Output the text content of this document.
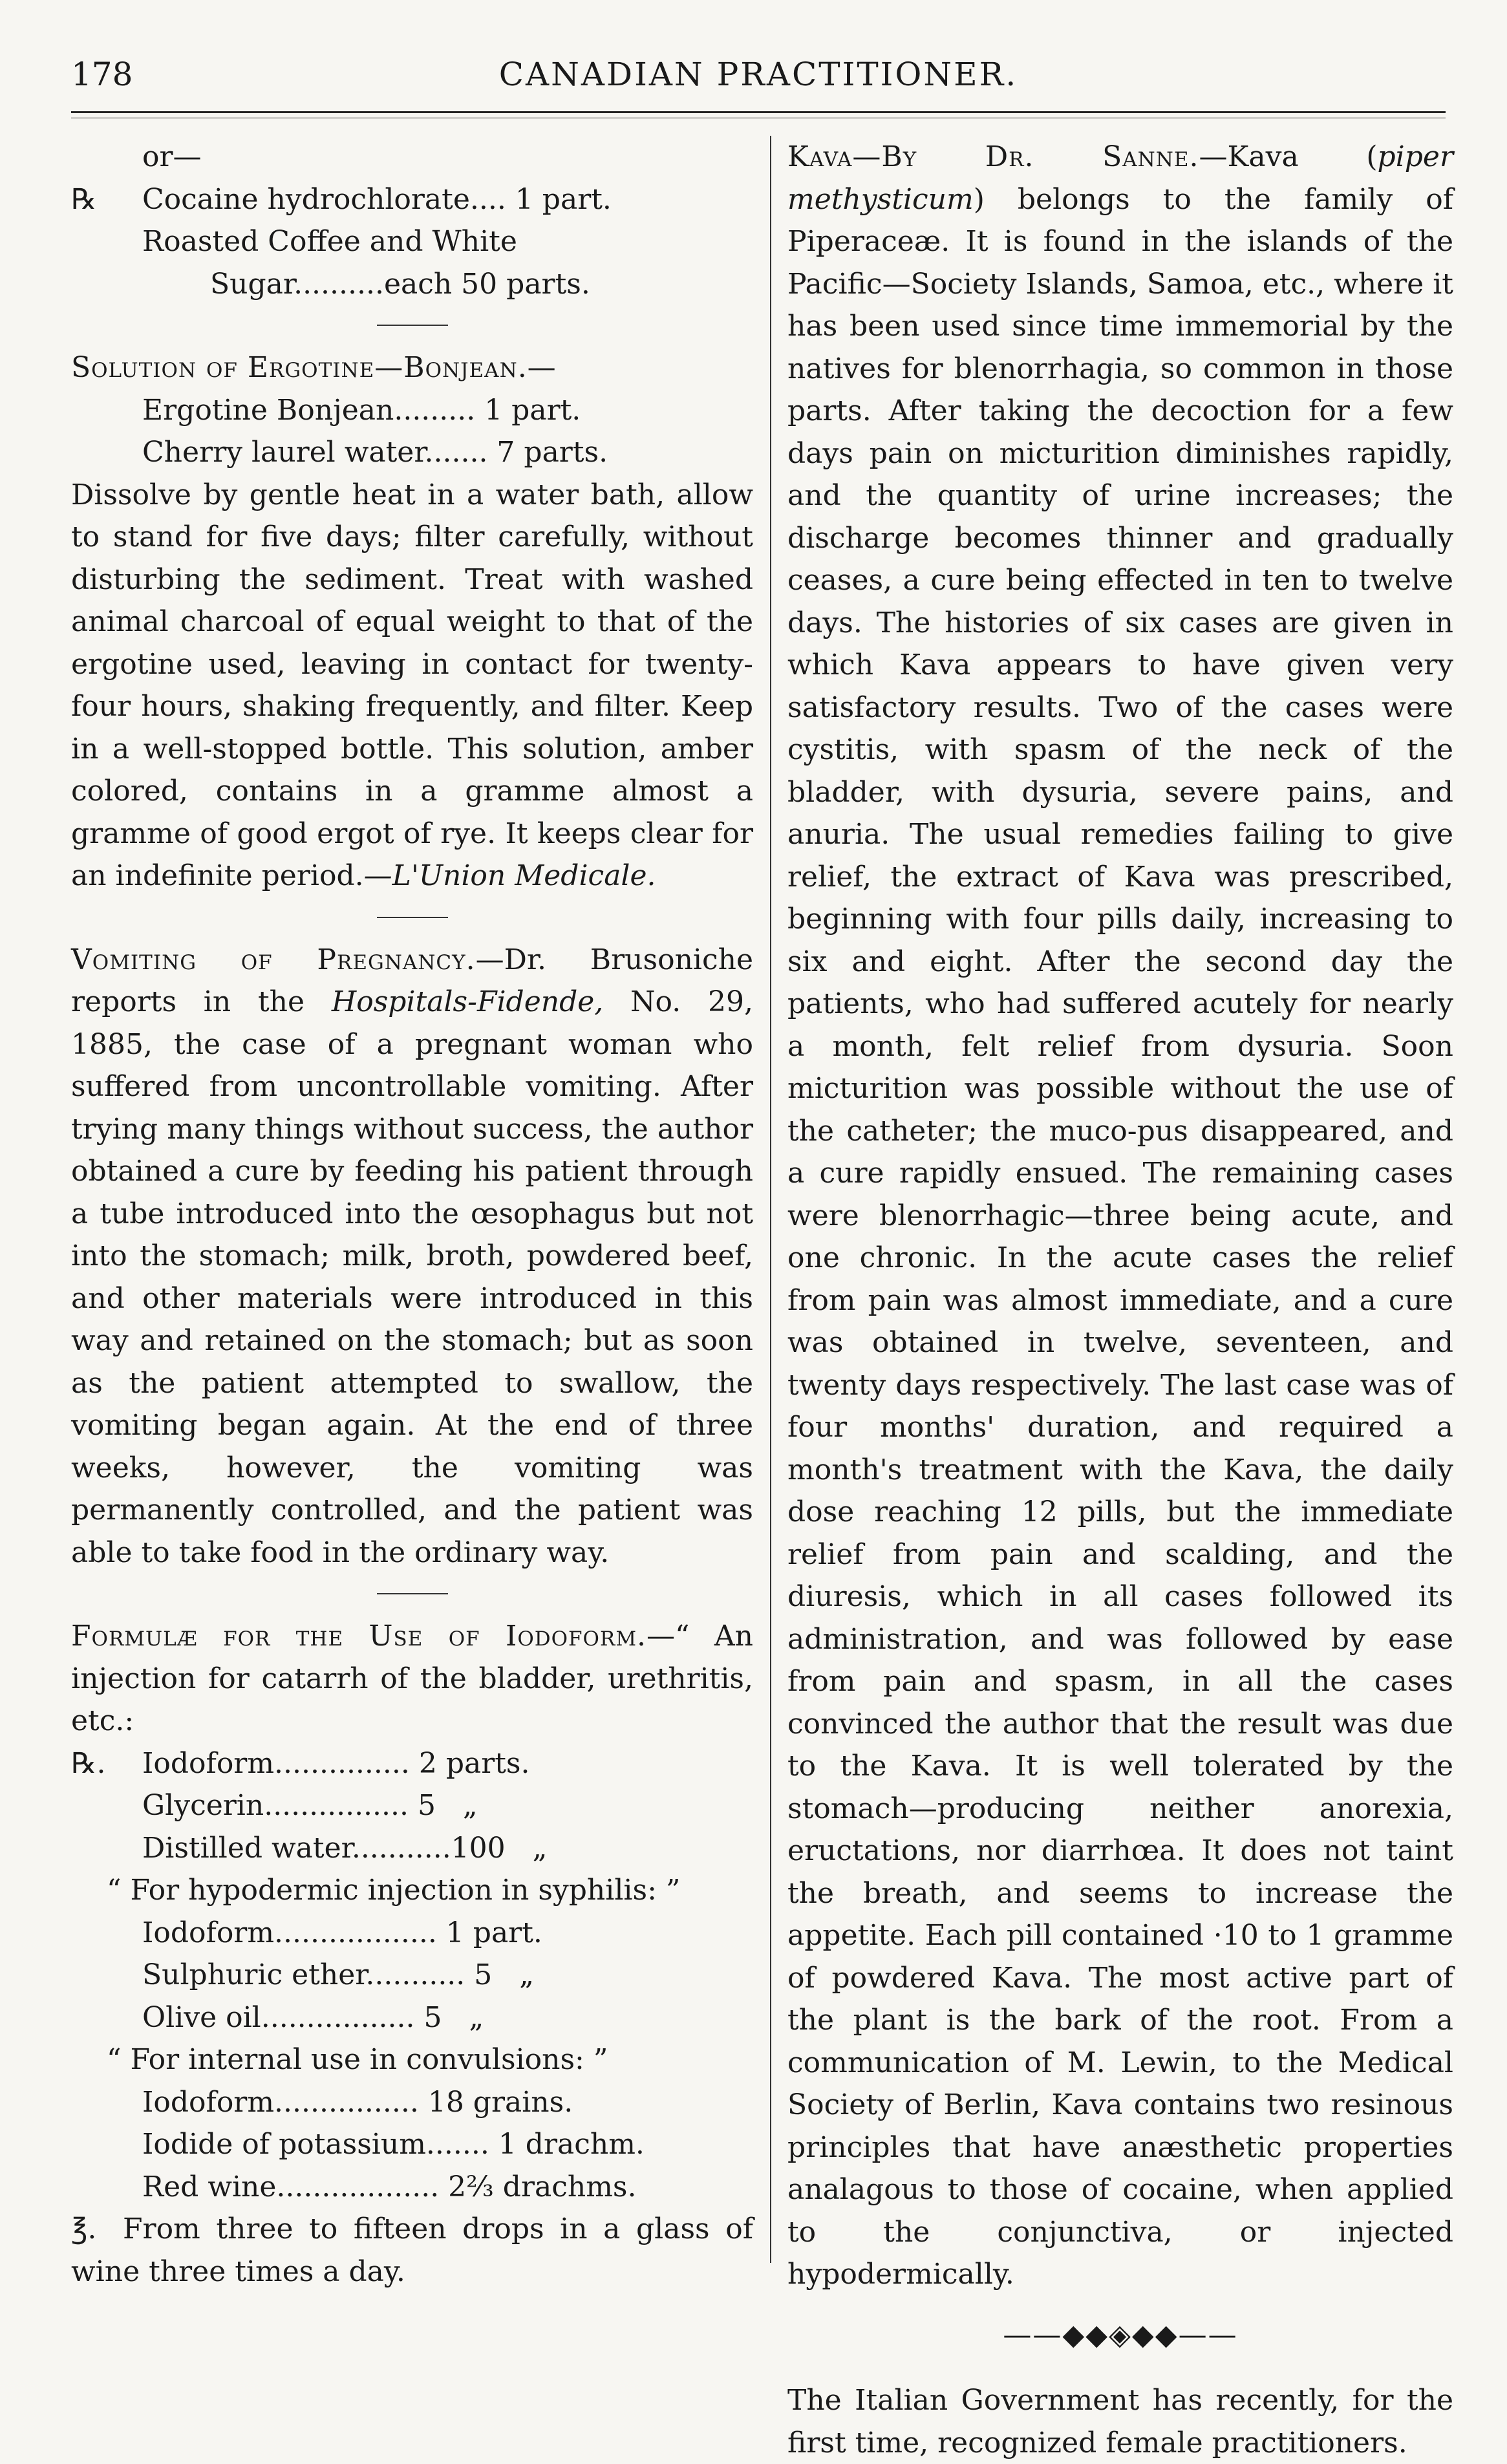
178	CANADIAN PRACTITIONER.
or—
℞ Cocaine hydrochlorate.... 1 part.
Roasted Coffee and White
Sugar..........each 50 parts.
Solution of Ergotine—Bonjean.—
Ergotine Bonjean......... 1 part.
Cherry laurel water....... 7 parts.

Dissolve by gentle heat in a water bath, allow to stand for five days; filter carefully, without disturbing the sediment. Treat with washed animal charcoal of equal weight to that of the ergotine used, leaving in contact for twenty-four hours, shaking frequently, and filter. Keep in a well-stopped bottle. This solution, amber colored, contains in a gramme almost a gramme of good ergot of rye. It keeps clear for an indefinite period.—L'Union Medicale.

Vomiting of Pregnancy.—Dr. Brusoniche reports in the Hospitals-Fidende, No. 29, 1885, the case of a pregnant woman who suffered from uncontrollable vomiting. After trying many things without success, the author obtained a cure by feeding his patient through a tube introduced into the œsophagus but not into the stomach; milk, broth, powdered beef, and other materials were introduced in this way and retained on the stomach; but as soon as the patient attempted to swallow, the vomiting began again. At the end of three weeks, however, the vomiting was permanently controlled, and the patient was able to take food in the ordinary way.

Formulæ for the Use of Iodoform.—“ An injection for catarrh of the bladder, urethritis, etc.:

℞. Iodoform............... 2 parts.
Glycerin................ 5   „
Distilled water...........100   „
“ For hypodermic injection in syphilis: ”
Iodoform.................. 1 part.
Sulphuric ether........... 5   „
Olive oil................. 5   „
“ For internal use in convulsions: ”
Iodoform................ 18 grains.
Iodide of potassium....... 1 drachm.
Red wine.................. 2⅔ drachms.

℥. From three to fifteen drops in a glass of wine three times a day.

Kava—By Dr. Sanne.—Kava (piper methysticum) belongs to the family of Piperaceæ. It is found in the islands of the Pacific—Society Islands, Samoa, etc., where it has been used since time immemorial by the natives for blenorrhagia, so common in those parts. After taking the decoction for a few days pain on micturition diminishes rapidly, and the quantity of urine increases; the discharge becomes thinner and gradually ceases, a cure being effected in ten to twelve days. The histories of six cases are given in which Kava appears to have given very satisfactory results. Two of the cases were cystitis, with spasm of the neck of the bladder, with dysuria, severe pains, and anuria. The usual remedies failing to give relief, the extract of Kava was prescribed, beginning with four pills daily, increasing to six and eight. After the second day the patients, who had suffered acutely for nearly a month, felt relief from dysuria. Soon micturition was possible without the use of the catheter; the muco-pus disappeared, and a cure rapidly ensued. The remaining cases were blenorrhagic—three being acute, and one chronic. In the acute cases the relief from pain was almost immediate, and a cure was obtained in twelve, seventeen, and twenty days respectively. The last case was of four months' duration, and required a month's treatment with the Kava, the daily dose reaching 12 pills, but the immediate relief from pain and scalding, and the diuresis, which in all cases followed its administration, and was followed by ease from pain and spasm, in all the cases convinced the author that the result was due to the Kava. It is well tolerated by the stomach—producing neither anorexia, eructations, nor diarrhœa. It does not taint the breath, and seems to increase the appetite. Each pill contained ·10 to 1 gramme of powdered Kava. The most active part of the plant is the bark of the root. From a communication of M. Lewin, to the Medical Society of Berlin, Kava contains two resinous principles that have anæsthetic properties analagous to those of cocaine, when applied to the conjunctiva, or injected hypodermically.

——◆◆◈◆◆——

The Italian Government has recently, for the first time, recognized female practitioners.
